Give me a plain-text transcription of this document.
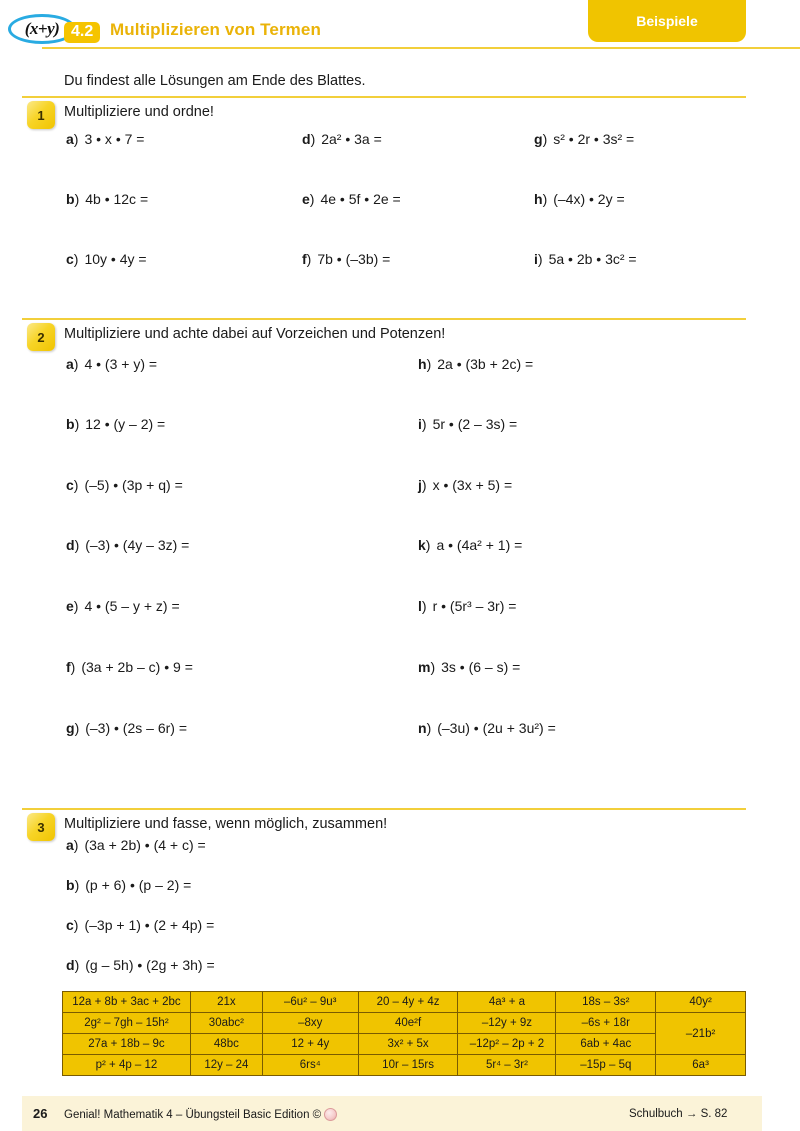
(x+y) 4.2 Multiplizieren von Termen	Beispiele
Du findest alle Lösungen am Ende des Blattes.
1	Multipliziere und ordne!
a ) 3 • x • 7 =
b ) 4b • 12c =
c ) 10y • 4y =
d ) 2a² • 3a =
e ) 4e • 5f • 2e =
f ) 7b • (–3b) =
g ) s² • 2r • 3s² =
h ) (–4x) • 2y =
i ) 5a • 2b • 3c² =
2	Multipliziere und achte dabei auf Vorzeichen und Potenzen!
a ) 4 • (3 + y) =
b ) 12 • (y – 2) =
c ) (–5) • (3p + q) =
d ) (–3) • (4y – 3z) =
e ) 4 • (5 – y + z) =
f ) (3a + 2b – c) • 9 =
g ) (–3) • (2s – 6r) =
h ) 2a • (3b + 2c) =
i ) 5r • (2 – 3s) =
j ) x • (3x + 5) =
k ) a • (4a² + 1) =
l ) r • (5r³ – 3r) =
m ) 3s • (6 – s) =
n ) (–3u) • (2u + 3u²) =
3	Multipliziere und fasse, wenn möglich, zusammen!
a ) (3a + 2b) • (4 + c) =
b ) (p + 6) • (p – 2) =
c ) (–3p + 1) • (2 + 4p) =
d ) (g – 5h) • (2g + 3h) =
12a + 8b + 3ac + 2bc	21x	–6u² – 9u³	20 – 4y + 4z	4a³ + a	18s – 3s²	40y²
2g² – 7gh – 15h²	30abc²	–8xy	40e²f	–12y + 9z	–6s + 18r	–21b²
27a + 18b – 9c	48bc	12 + 4y	3x² + 5x	–12p² – 2p + 2	6ab + 4ac	
p² + 4p – 12	12y – 24	6rs⁴	10r – 15rs	5r⁴ – 3r²	–15p – 5q	6a³
26 Genial! Mathematik 4 – Übungsteil Basic Edition ©	Schulbuch → S. 82
